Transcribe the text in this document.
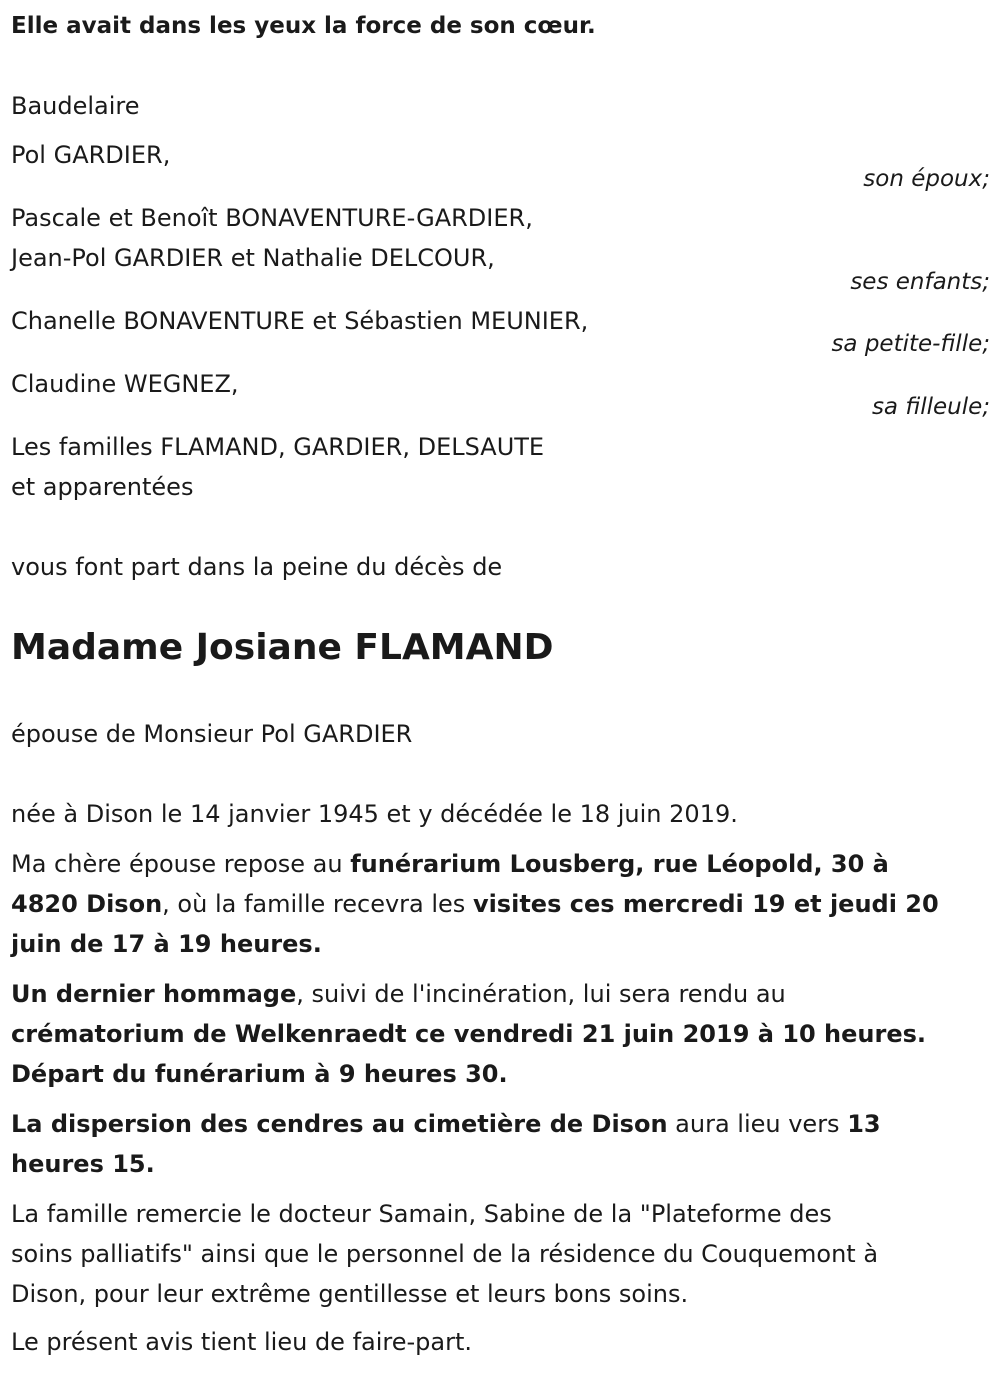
Elle avait dans les yeux la force de son cœur.
Baudelaire
Pol GARDIER,
son époux;
Pascale et Benoît BONAVENTURE-GARDIER,
Jean-Pol GARDIER et Nathalie DELCOUR,
ses enfants;
Chanelle BONAVENTURE et Sébastien MEUNIER,
sa petite-fille;
Claudine WEGNEZ,
sa filleule;
Les familles FLAMAND, GARDIER, DELSAUTE
et apparentées
vous font part dans la peine du décès de
Madame Josiane FLAMAND
épouse de Monsieur Pol GARDIER
née à Dison le 14 janvier 1945 et y décédée le 18 juin 2019.
Ma chère épouse repose au funérarium Lousberg, rue Léopold, 30 à
4820 Dison, où la famille recevra les visites ces mercredi 19 et jeudi 20
juin de 17 à 19 heures.
Un dernier hommage, suivi de l'incinération, lui sera rendu au
crématorium de Welkenraedt ce vendredi 21 juin 2019 à 10 heures.
Départ du funérarium à 9 heures 30.
La dispersion des cendres au cimetière de Dison aura lieu vers 13
heures 15.
La famille remercie le docteur Samain, Sabine de la "Plateforme des
soins palliatifs" ainsi que le personnel de la résidence du Couquemont à
Dison, pour leur extrême gentillesse et leurs bons soins.
Le présent avis tient lieu de faire-part.
